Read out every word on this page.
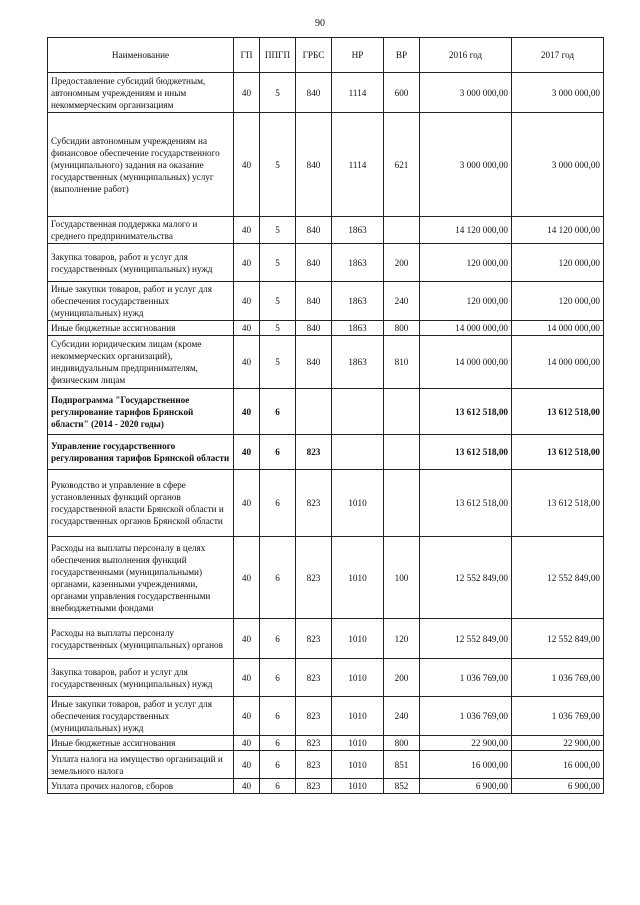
90
Наименование	ГП	ППГП	ГРБС	НР	ВР	2016 год	2017 год
Предоставление субсидий бюджетным, автономным учреждениям и иным некоммерческим организациям	40	5	840	1114	600	3 000 000,00	3 000 000,00
Субсидии автономным учреждениям на финансовое обеспечение государственного (муниципального) задания на оказание государственных (муниципальных) услуг (выполнение работ)	40	5	840	1114	621	3 000 000,00	3 000 000,00
Государственная поддержка малого и среднего предпринимательства	40	5	840	1863		14 120 000,00	14 120 000,00
Закупка товаров, работ и услуг для государственных (муниципальных) нужд	40	5	840	1863	200	120 000,00	120 000,00
Иные закупки товаров, работ и услуг для обеспечения государственных (муниципальных) нужд	40	5	840	1863	240	120 000,00	120 000,00
Иные бюджетные ассигнования	40	5	840	1863	800	14 000 000,00	14 000 000,00
Субсидии юридическим лицам (кроме некоммерческих организаций), индивидуальным предпринимателям, физическим лицам	40	5	840	1863	810	14 000 000,00	14 000 000,00
Подпрограмма "Государственное регулирование тарифов Брянской области" (2014 - 2020 годы)	40	6				13 612 518,00	13 612 518,00
Управление государственного регулирования тарифов Брянской области	40	6	823			13 612 518,00	13 612 518,00
Руководство и управление в сфере установленных функций органов государственной власти Брянской области и государственных органов Брянской области	40	6	823	1010		13 612 518,00	13 612 518,00
Расходы на выплаты персоналу в целях обеспечения выполнения функций государственными (муниципальными) органами, казенными учреждениями, органами управления государственными внебюджетными фондами	40	6	823	1010	100	12 552 849,00	12 552 849,00
Расходы на выплаты персоналу государственных (муниципальных) органов	40	6	823	1010	120	12 552 849,00	12 552 849,00
Закупка товаров, работ и услуг для государственных (муниципальных) нужд	40	6	823	1010	200	1 036 769,00	1 036 769,00
Иные закупки товаров, работ и услуг для обеспечения государственных (муниципальных) нужд	40	6	823	1010	240	1 036 769,00	1 036 769,00
Иные бюджетные ассигнования	40	6	823	1010	800	22 900,00	22 900,00
Уплата налога на имущество организаций и земельного налога	40	6	823	1010	851	16 000,00	16 000,00
Уплата прочих налогов, сборов	40	6	823	1010	852	6 900,00	6 900,00
